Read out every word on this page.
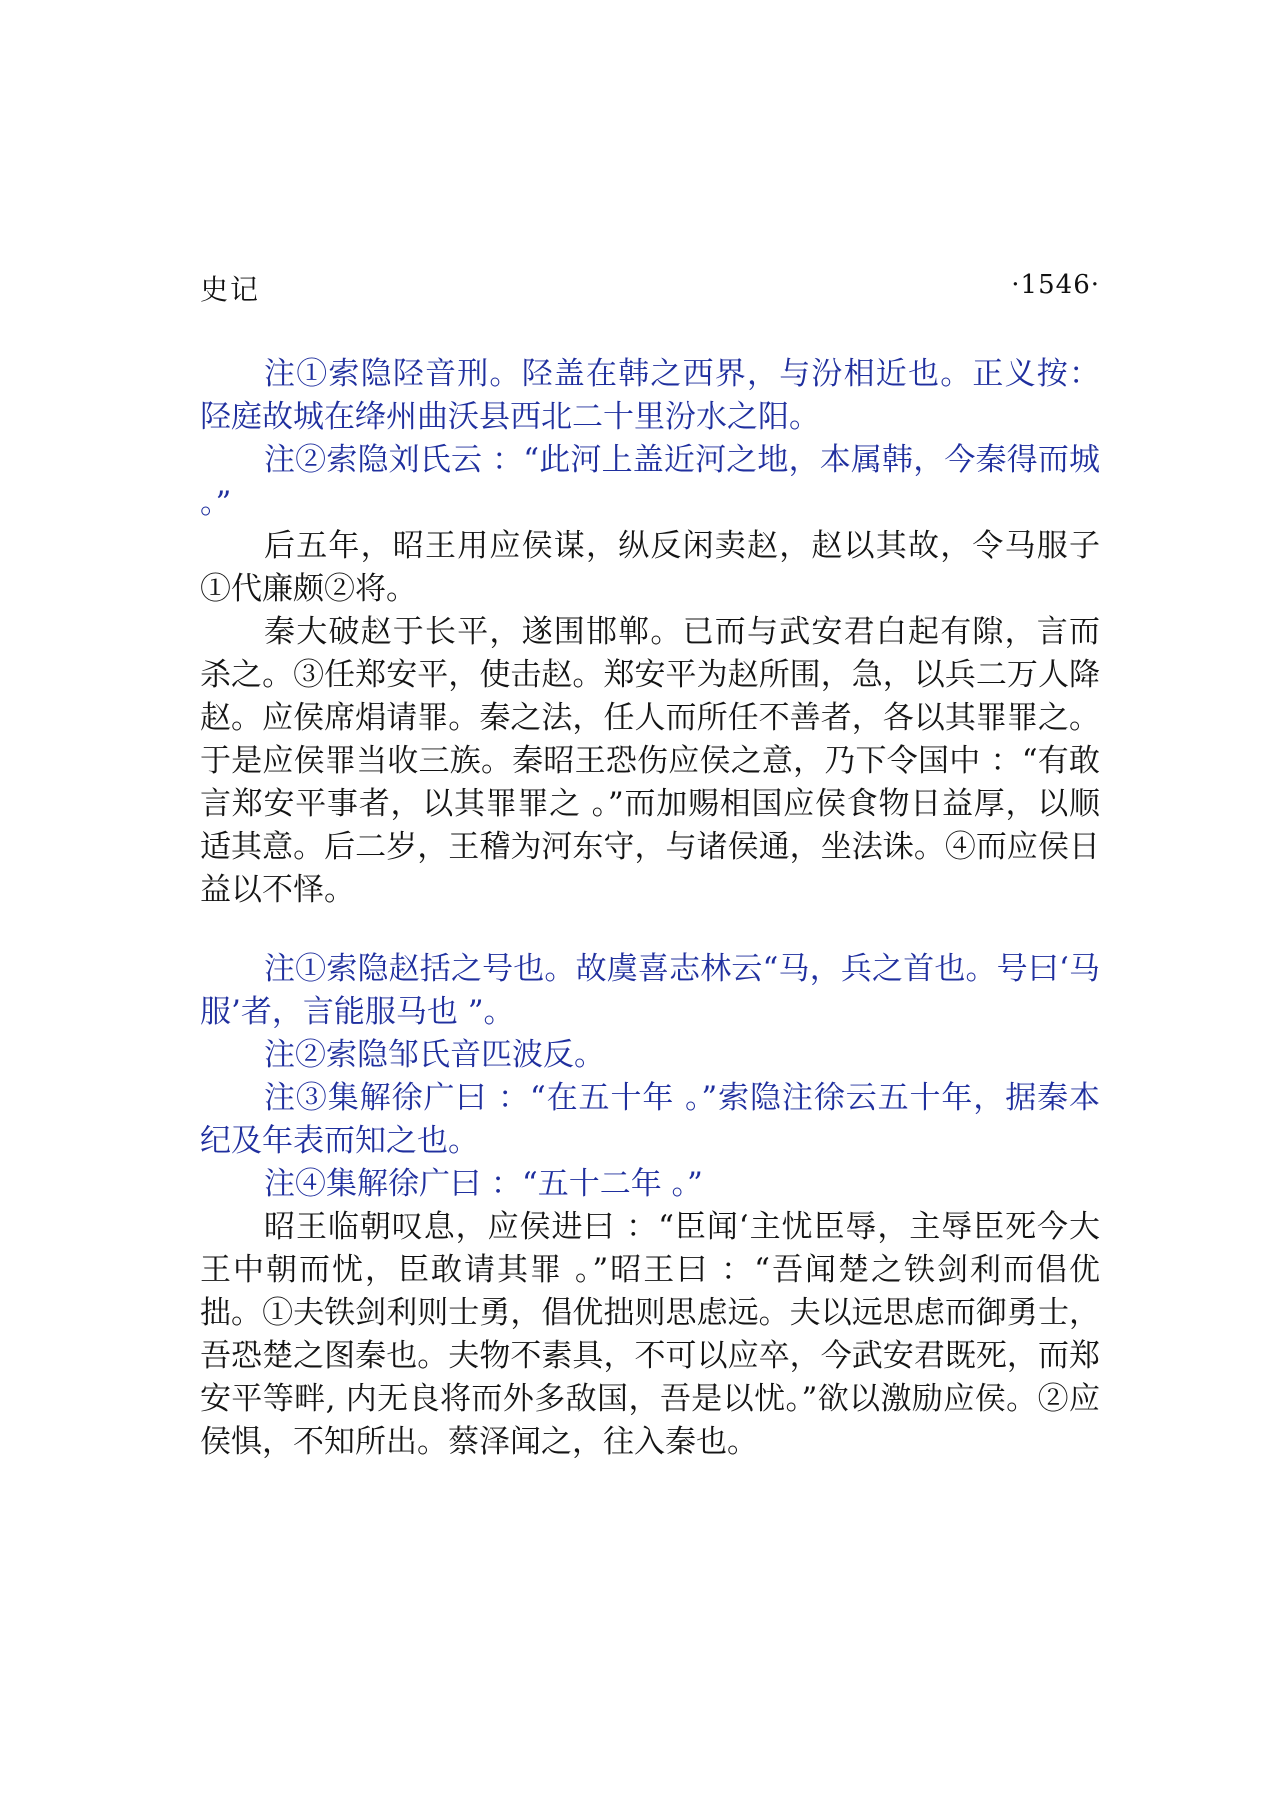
史记	·1546·

注①索隐陉音刑。陉盖在韩之西界，与汾相近也。正义按：陉庭故城在绛州曲沃县西北二十里汾水之阳。

注②索隐刘氏云 ：“此河上盖近河之地，本属韩，今秦得而城 。”

后五年，昭王用应侯谋，纵反闲卖赵，赵以其故，令马服子①代廉颇②将。

秦大破赵于长平，遂围邯郸。已而与武安君白起有隙，言而杀之。③任郑安平，使击赵。郑安平为赵所围，急，以兵二万人降赵。应侯席焆请罪。秦之法，任人而所任不善者，各以其罪罪之。于是应侯罪当收三族。秦昭王恐伤应侯之意，乃下令国中 ：“有敢言郑安平事者，以其罪罪之 。”而加赐相国应侯食物日益厚，以顺适其意。后二岁，王稽为河东守，与诸侯通，坐法诛。④而应侯日益以不怿。

注①索隐赵括之号也。故虞喜志林云“马，兵之首也。号曰‘马服’者，言能服马也 ”。

注②索隐邹氏音匹波反。

注③集解徐广曰 ：“在五十年 。”索隐注徐云五十年，据秦本纪及年表而知之也。

注④集解徐广曰 ：“五十二年 。”

昭王临朝叹息，应侯进曰 ：“臣闻‘主忧臣辱，主辱臣死今大王中朝而忧，臣敢请其罪 。”昭王曰 ：“吾闻楚之铁剑利而倡优拙。①夫铁剑利则士勇，倡优拙则思虑远。夫以远思虑而御勇士，吾恐楚之图秦也。夫物不素具，不可以应卒，今武安君既死，而郑安平等畔, 内无良将而外多敌国，吾是以忧。”欲以激励应侯。②应侯惧，不知所出。蔡泽闻之，往入秦也。
